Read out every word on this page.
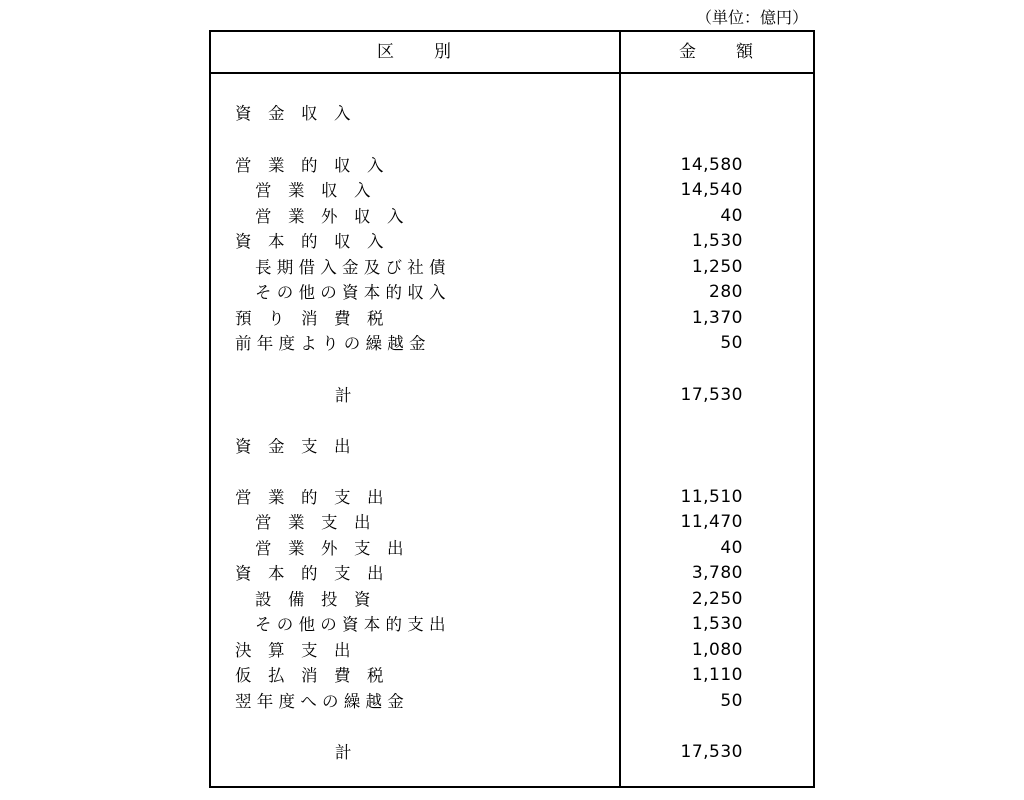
（単位：億円）
区　　別	金　　額
資　金　収　入
営　業　的　収　入	14,580
営　業　収　入	14,540
営　業　外　収　入	40
資　本　的　収　入	1,530
長 期 借 入 金 及 び 社 債	1,250
そ の 他 の 資 本 的 収 入	280
預　り　消　費　税	1,370
前 年 度 よ り の 繰 越 金	50
計	17,530
資　金　支　出
営　業　的　支　出	11,510
営　業　支　出	11,470
営　業　外　支　出	40
資　本　的　支　出	3,780
設　備　投　資	2,250
そ の 他 の 資 本 的 支 出	1,530
決　算　支　出	1,080
仮　払　消　費　税	1,110
翌 年 度 へ の 繰 越 金	50
計	17,530
